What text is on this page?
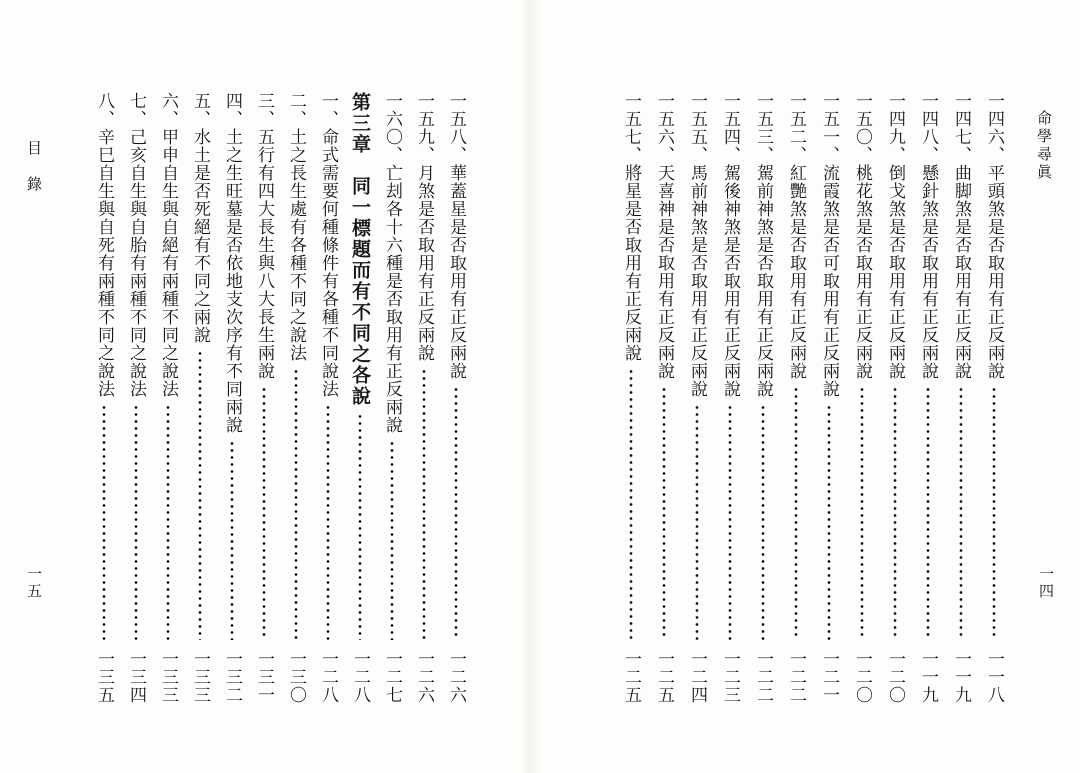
目　錄
一五
一五八、華蓋星是否取用有正反兩說
一二六
一五九、月煞是否取用有正反兩說
一二六
一六〇、亡刦各十六種是否取用有正反兩說
一二七
第三章　同一標題而有不同之各說
一二八
一、命式需要何種條件有各種不同說法
一二八
二、土之長生處有各種不同之說法
一三〇
三、五行有四大長生與八大長生兩說
一三一
四、土之生旺墓是否依地支次序有不同兩說
一三二
五、水土是否死絕有不同之兩說
一三三
六、甲申自生與自絕有兩種不同之說法
一三三
七、己亥自生與自胎有兩種不同之說法
一三四
八、辛巳自生與自死有兩種不同之說法
一三五
命學尋眞
一四
一四六、平頭煞是否取用有正反兩說
一一八
一四七、曲脚煞是否取用有正反兩說
一一九
一四八、懸針煞是否取用有正反兩說
一一九
一四九、倒戈煞是否取用有正反兩說
一二〇
一五〇、桃花煞是否取用有正反兩說
一二〇
一五一、流霞煞是否可取用有正反兩說
一二一
一五二、紅艷煞是否取用有正反兩說
一二二
一五三、駕前神煞是否取用有正反兩說
一二二
一五四、駕後神煞是否取用有正反兩說
一二三
一五五、馬前神煞是否取用有正反兩說
一二四
一五六、天喜神是否取用有正反兩說
一二五
一五七、將星是否取用有正反兩說
一二五
